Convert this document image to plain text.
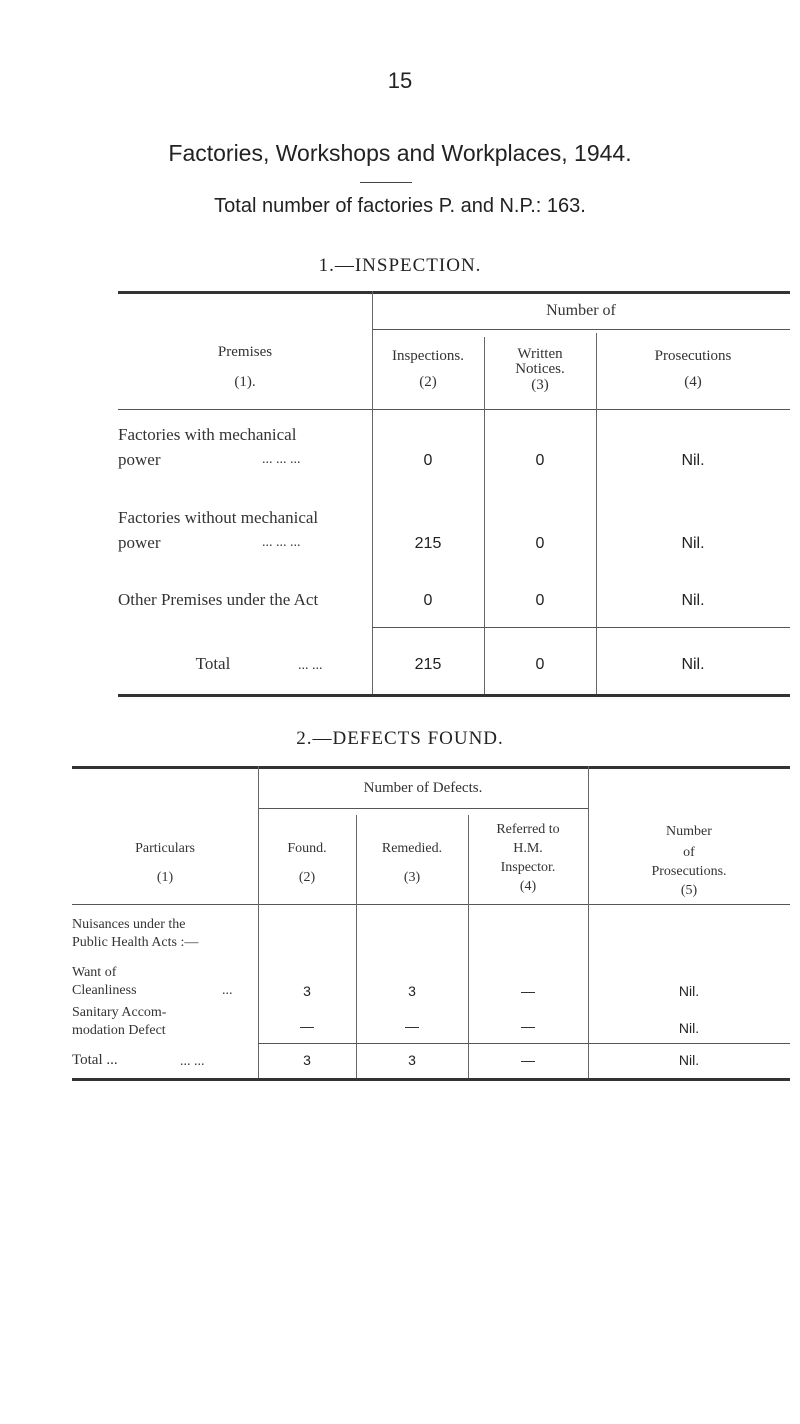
15
Factories, Workshops and Workplaces, 1944.
Total number of factories P. and N.P.: 163.
1.—INSPECTION.
Number of
Premises
(1).
Inspections.
(2)
Written
Notices.
(3)
Prosecutions
(4)
Factories with mechanical
power	... ... ...	0	0	Nil.
Factories without mechanical
power	... ... ...	215	0	Nil.
Other Premises under the Act	0	0	Nil.
Total	... ...	215	0	Nil.
2.—DEFECTS FOUND.
Number of Defects.
Particulars
(1)
Found.
(2)
Remedied.
(3)
Referred to
H.M.
Inspector.
(4)
Number
of
Prosecutions.
(5)
Nuisances under the
Public Health Acts :—
Want of
Cleanliness	...	3	3	—	Nil.
Sanitary Accom-
modation Defect	—	—	—	Nil.
Total ...	... ...	3	3	—	Nil.
